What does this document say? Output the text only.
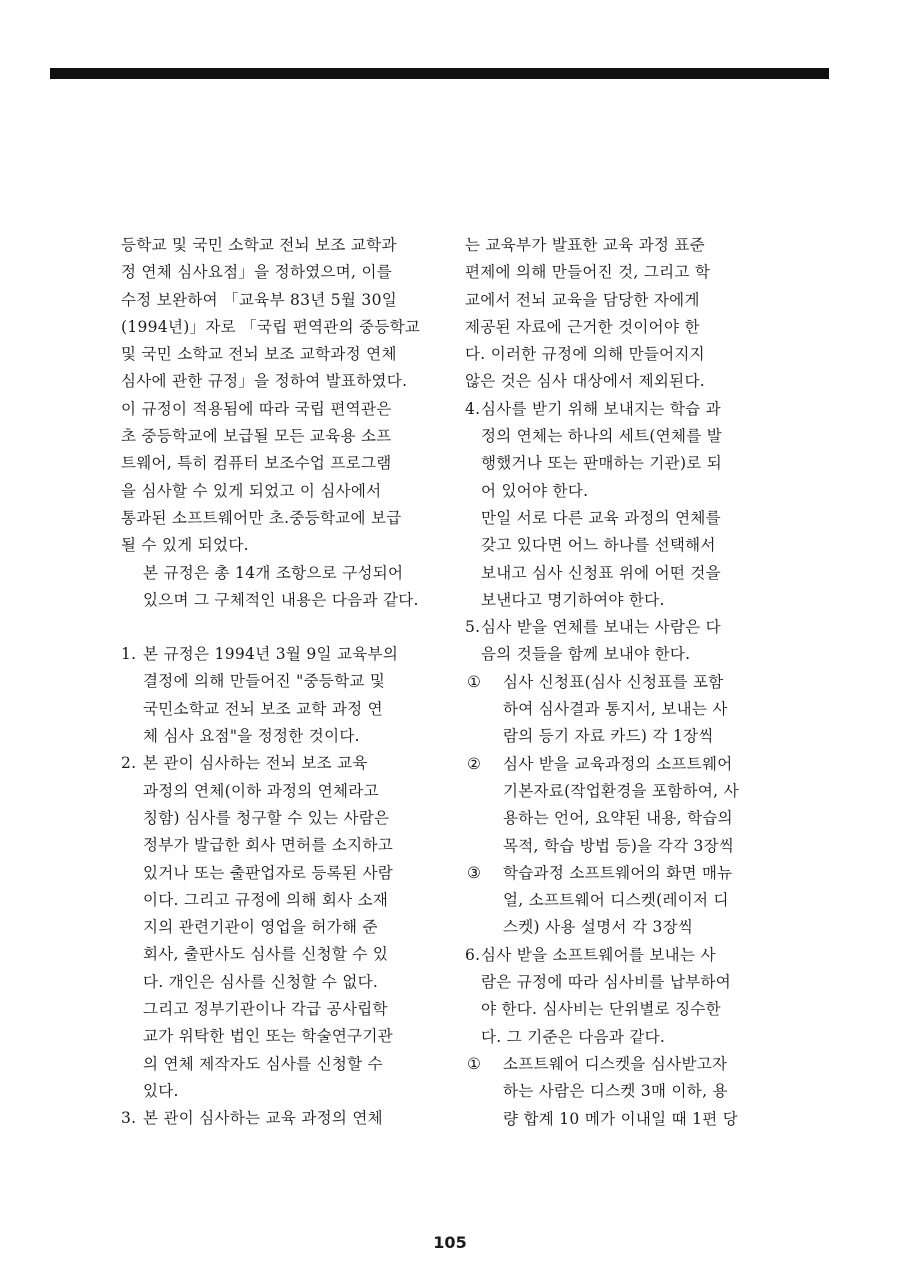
등학교 및 국민 소학교 전뇌 보조 교학과
정 연체 심사요점」을 정하였으며, 이를
수정 보완하여 「교육부 83년 5월 30일
(1994년)」자로 「국립 편역관의 중등학교
및 국민 소학교 전뇌 보조 교학과정 연체
심사에 관한 규정」을 정하여 발표하였다.
이 규정이 적용됨에 따라 국립 편역관은
초 중등학교에 보급될 모든 교육용 소프
트웨어, 특히 컴퓨터 보조수업 프로그램
을 심사할 수 있게 되었고 이 심사에서
통과된 소프트웨어만 초.중등학교에 보급
될 수 있게 되었다.
본 규정은 총 14개 조항으로 구성되어
있으며 그 구체적인 내용은 다음과 같다.
1. 본 규정은 1994년 3월 9일 교육부의
결정에 의해 만들어진 "중등학교 및
국민소학교 전뇌 보조 교학 과정 연
체 심사 요점"을 정정한 것이다.
2. 본 관이 심사하는 전뇌 보조 교육
과정의 연체(이하 과정의 연체라고
칭함) 심사를 청구할 수 있는 사람은
정부가 발급한 회사 면허를 소지하고
있거나 또는 출판업자로 등록된 사람
이다. 그리고 규정에 의해 회사 소재
지의 관련기관이 영업을 허가해 준
회사, 출판사도 심사를 신청할 수 있
다. 개인은 심사를 신청할 수 없다.
그리고 정부기관이나 각급 공사립학
교가 위탁한 법인 또는 학술연구기관
의 연체 제작자도 심사를 신청할 수
있다.
3. 본 관이 심사하는 교육 과정의 연체
는 교육부가 발표한 교육 과정 표준
편제에 의해 만들어진 것, 그리고 학
교에서 전뇌 교육을 담당한 자에게
제공된 자료에 근거한 것이어야 한
다. 이러한 규정에 의해 만들어지지
않은 것은 심사 대상에서 제외된다.
4. 심사를 받기 위해 보내지는 학습 과
정의 연체는 하나의 세트(연체를 발
행했거나 또는 판매하는 기관)로 되
어 있어야 한다.
만일 서로 다른 교육 과정의 연체를
갖고 있다면 어느 하나를 선택해서
보내고 심사 신청표 위에 어떤 것을
보낸다고 명기하여야 한다.
5. 심사 받을 연체를 보내는 사람은 다
음의 것들을 함께 보내야 한다.
① 심사 신청표(심사 신청표를 포함
하여 심사결과 통지서, 보내는 사
람의 등기 자료 카드) 각 1장씩
② 심사 받을 교육과정의 소프트웨어
기본자료(작업환경을 포함하여, 사
용하는 언어, 요약된 내용, 학습의
목적, 학습 방법 등)을 각각 3장씩
③ 학습과정 소프트웨어의 화면 매뉴
얼, 소프트웨어 디스켓(레이저 디
스켓) 사용 설명서 각 3장씩
6. 심사 받을 소프트웨어를 보내는 사
람은 규정에 따라 심사비를 납부하여
야 한다. 심사비는 단위별로 징수한
다. 그 기준은 다음과 같다.
① 소프트웨어 디스켓을 심사받고자
하는 사람은 디스켓 3매 이하, 용
량 합계 10 메가 이내일 때 1편 당
105
